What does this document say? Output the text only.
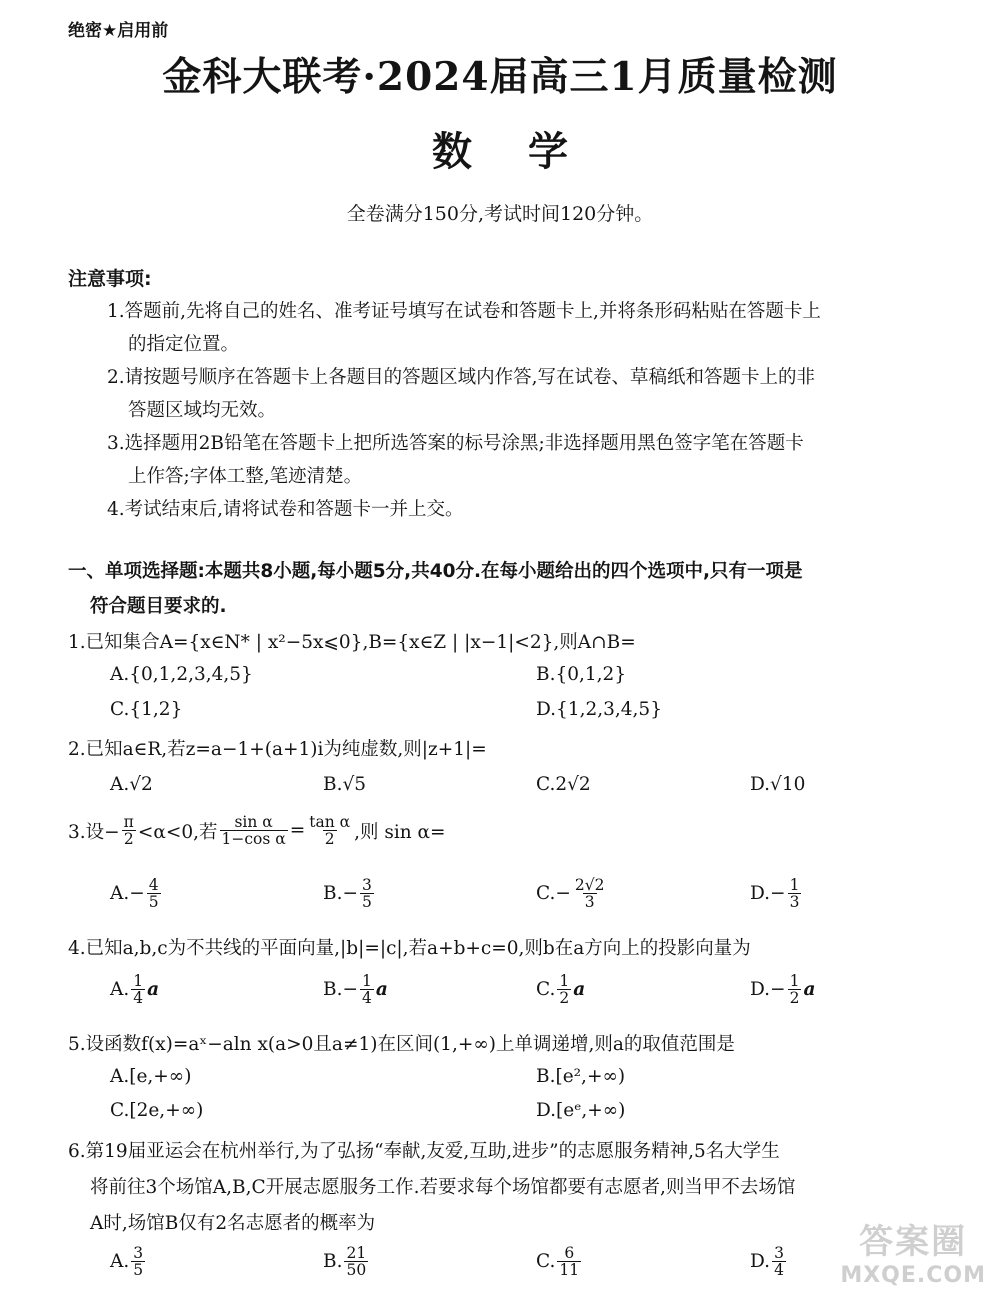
绝密★启用前
金科大联考·2024届高三1月质量检测
数学
全卷满分150分,考试时间120分钟。
注意事项:
1.答题前,先将自己的姓名、准考证号填写在试卷和答题卡上,并将条形码粘贴在答题卡上
的指定位置。
2.请按题号顺序在答题卡上各题目的答题区域内作答,写在试卷、草稿纸和答题卡上的非
答题区域均无效。
3.选择题用2B铅笔在答题卡上把所选答案的标号涂黑;非选择题用黑色签字笔在答题卡
上作答;字体工整,笔迹清楚。
4.考试结束后,请将试卷和答题卡一并上交。
一、单项选择题:本题共8小题,每小题5分,共40分.在每小题给出的四个选项中,只有一项是
符合题目要求的.
1.已知集合A={x∈N* | x²−5x⩽0},B={x∈Z | |x−1|<2},则A∩B=
A.{0,1,2,3,4,5}	B.{0,1,2}
C.{1,2}	D.{1,2,3,4,5}
2.已知a∈R,若z=a−1+(a+1)i为纯虚数,则|z+1|=
A.√2	B.√5	C.2√2	D.√10
3.设− $\frac{\pi}{2} <\alpha<0$,若 $\frac{\text{sin α}}{\text{1−cos α}} = \frac{\text{tan α}}{2}$ ,则 sin α=
$A.- \frac{4}{5}$	$B.- \frac{3}{5}$	$C.- \frac{2√2}{3}$	$D.- \frac{1}{3}$
4.已知a,b,c为不共线的平面向量,|b|=|c|,若a+b+c=0,则b在a方向上的投影向量为
A. $\frac{1}{4}$ a	$B.- \frac{1}{4}$ a	C. $\frac{1}{2}$ a	$D.- \frac{1}{2}$ a
5.设函数f(x)=aˣ−aln x(a>0且a≠1)在区间(1,+∞)上单调递增,则a的取值范围是
A.[e,+∞)	B.[e²,+∞)
C.[2e,+∞)	D.[eᵉ,+∞)
6.第19届亚运会在杭州举行,为了弘扬“奉献,友爱,互助,进步”的志愿服务精神,5名大学生
将前往3个场馆A,B,C开展志愿服务工作.若要求每个场馆都要有志愿者,则当甲不去场馆
A时,场馆B仅有2名志愿者的概率为
A. $\frac{3}{5}$	B. $\frac{21}{50}$	C. $\frac{6}{11}$	D. $\frac{3}{4}$	答案圈
MXQE.COM
